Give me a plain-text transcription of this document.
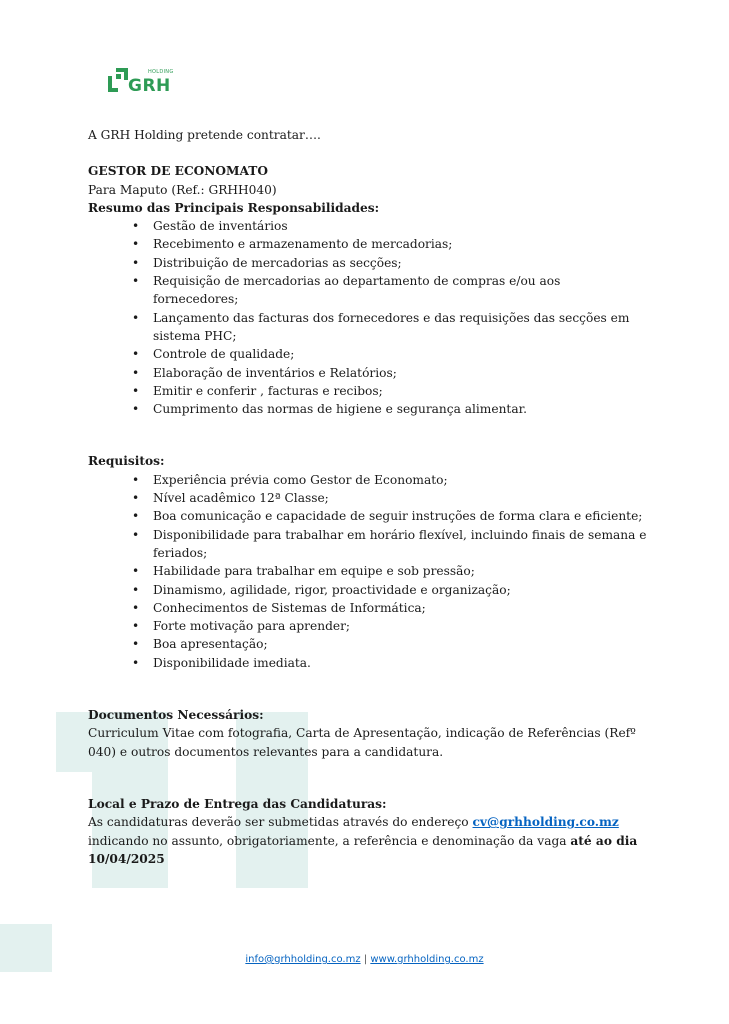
HOLDING
GRH

A GRH Holding pretende contratar….

GESTOR DE ECONOMATO

Para Maputo (Ref.: GRHH040)

Resumo das Principais Responsabilidades:

• Gestão de inventários
• Recebimento e armazenamento de mercadorias;
• Distribuição de mercadorias as secções;
• Requisição de mercadorias ao departamento de compras e/ou aos fornecedores;
• Lançamento das facturas dos fornecedores e das requisições das secções em sistema PHC;
• Controle de qualidade;
• Elaboração de inventários e Relatórios;
• Emitir e conferir , facturas e recibos;
• Cumprimento das normas de higiene e segurança alimentar.

Requisitos:

• Experiência prévia como Gestor de Economato;
• Nível acadêmico 12ª Classe;
• Boa comunicação e capacidade de seguir instruções de forma clara e eficiente;
• Disponibilidade para trabalhar em horário flexível, incluindo finais de semana e feriados;
• Habilidade para trabalhar em equipe e sob pressão;
• Dinamismo, agilidade, rigor, proactividade e organização;
• Conhecimentos de Sistemas de Informática;
• Forte motivação para aprender;
• Boa apresentação;
• Disponibilidade imediata.

Documentos Necessários:

Curriculum Vitae com fotografia, Carta de Apresentação, indicação de Referências (Refº 040) e outros documentos relevantes para a candidatura.

Local e Prazo de Entrega das Candidaturas:

As candidaturas deverão ser submetidas através do endereço cv@grhholding.co.mz indicando no assunto, obrigatoriamente, a referência e denominação da vaga até ao dia 10/04/2025

info@grhholding.co.mz | www.grhholding.co.mz
